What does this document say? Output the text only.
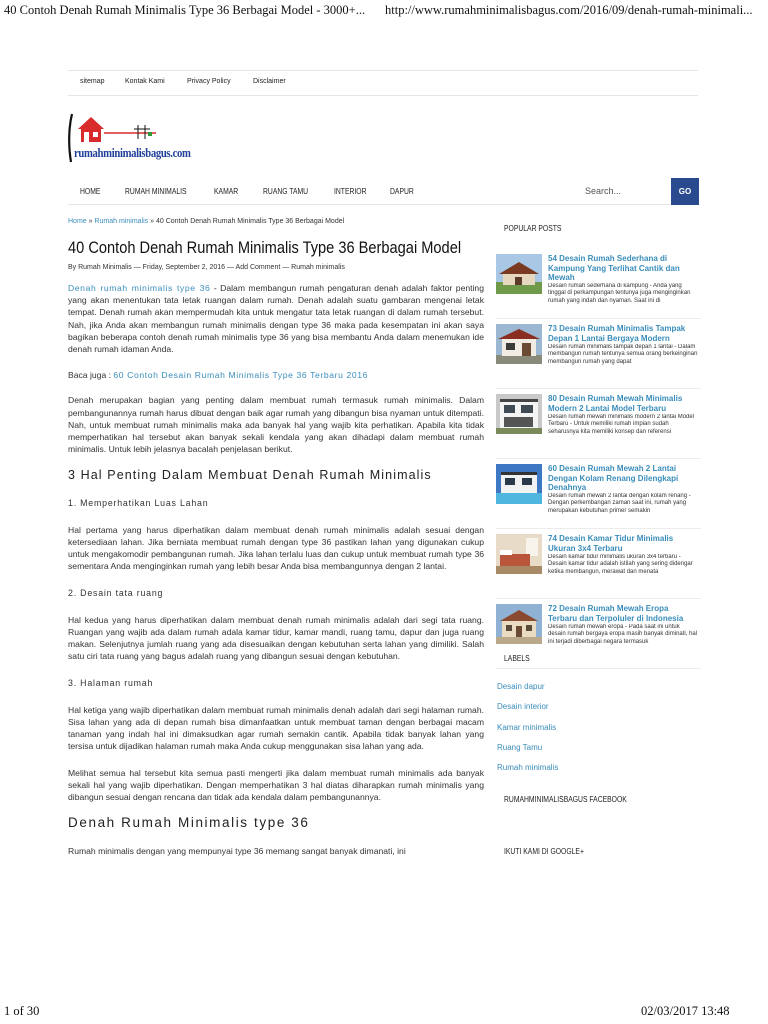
40 Contoh Denah Rumah Minimalis Type 36 Berbagai Model - 3000+... http://www.rumahminimalisbagus.com/2016/09/denah-rumah-minimali...
sitemap	Kontak Kami	Privacy Policy	Disclaimer
rumahminimalisbagus.com
HOME	RUMAH MINIMALIS	KAMAR	RUANG TAMU	INTERIOR	DAPUR
Search...	GO
Home » Rumah minimalis » 40 Contoh Denah Rumah Minimalis Type 36 Berbagai Model
40 Contoh Denah Rumah Minimalis Type 36 Berbagai Model
By Rumah Minimalis — Friday, September 2, 2016 — Add Comment — Rumah minimalis

Denah rumah minimalis type 36 - Dalam membangun rumah pengaturan denah adalah faktor penting yang akan menentukan tata letak ruangan dalam rumah. Denah adalah suatu gambaran mengenai letak tempat. Denah rumah akan mempermudah kita untuk mengatur tata letak ruangan di dalam rumah tersebut. Nah, jika Anda akan membangun rumah minimalis dengan type 36 maka pada kesempatan ini akan saya bagikan beberapa contoh denah rumah minimalis type 36 yang bisa membantu Anda dalam menemukan ide denah rumah idaman Anda.

Baca juga : 60 Contoh Desain Rumah Minimalis Type 36 Terbaru 2016

Denah merupakan bagian yang penting dalam membuat rumah termasuk rumah minimalis. Dalam pembangunannya rumah harus dibuat dengan baik agar rumah yang dibangun bisa nyaman untuk ditempati. Nah, untuk membuat rumah minimalis maka ada banyak hal yang wajib kita perhatikan. Apabila kita tidak memperhatikan hal tersebut akan banyak sekali kendala yang akan dihadapi dalam membuat rumah minimalis. Untuk lebih jelasnya bacalah penjelasan berikut.

3 Hal Penting Dalam Membuat Denah Rumah Minimalis
1. Memperhatikan Luas Lahan

Hal pertama yang harus diperhatikan dalam membuat denah rumah minimalis adalah sesuai dengan ketersediaan lahan. Jika berniata membuat rumah dengan type 36 pastikan lahan yang digunakan cukup untuk mengakomodir pembangunan rumah. Jika lahan terlalu luas dan cukup untuk membuat rumah type 36 sementara Anda menginginkan rumah yang lebih besar Anda bisa membangunnya dengan 2 lantai.

2. Desain tata ruang

Hal kedua yang harus diperhatikan dalam membuat denah rumah minimalis adalah dari segi tata ruang. Ruangan yang wajib ada dalam rumah adala kamar tidur, kamar mandi, ruang tamu, dapur dan juga ruang makan. Selenjutnya jumlah ruang yang ada disesuaikan dengan kebutuhan serta lahan yang dimiliki. Salah satu ciri tata ruang yang bagus adalah ruang yang dibangun sesuai dengan kebutuhan.

3. Halaman rumah

Hal ketiga yang wajib diperhatikan dalam membuat rumah minimalis denah adalah dari segi halaman rumah. Sisa lahan yang ada di depan rumah bisa dimanfaatkan untuk membuat taman dengan berbagai macam tanaman yang indah hal ini dimaksudkan agar rumah semakin cantik. Apabila tidak banyak lahan yang tersisa untuk dijadikan halaman rumah maka Anda cukup menggunakan sisa lahan yang ada.

Melihat semua hal tersebut kita semua pasti mengerti jika dalam membuat rumah minimalis ada banyak sekali hal yang wajib diperhatikan. Dengan memperhatikan 3 hal diatas diharapkan rumah minimalis yang dibangun sesuai dengan rencana dan tidak ada kendala dalam pembangunannya.

Denah Rumah Minimalis type 36

Rumah minimalis dengan yang mempunyai type 36 memang sangat banyak dimanati, ini

POPULAR POSTS
54 Desain Rumah Sederhana di Kampung Yang Terlihat Cantik dan Mewah
Desain rumah sederhana di kampung - Anda yang tinggal di perkampungan tentunya juga menginginkan rumah yang indah dan nyaman. Saat ini di
73 Desain Rumah Minimalis Tampak Depan 1 Lantai Bergaya Modern
Desain rumah minimalis tampak depan 1 lantai - Dalam membangun rumah tentunya semua orang berkeinginan membangun rumah yang dapat
80 Desain Rumah Mewah Minimalis Modern 2 Lantai Model Terbaru
Desain rumah mewah minimalis modern 2 lantai Model Terbaru - Untuk memiliki rumah impian sudah seharusnya kita memiliki konsep dan referensi
60 Desain Rumah Mewah 2 Lantai Dengan Kolam Renang Dilengkapi Denahnya
Desain rumah mewah 2 lantai dengan kolam renang - Dengan perkembangan zaman saat ini, rumah yang merupakan kebutuhan primer semakin
74 Desain Kamar Tidur Minimalis Ukuran 3x4 Terbaru
Desain kamar tidur minimalis ukuran 3x4 terbaru - Desain kamar tidur adalah istilah yang sering didengar ketika membangun, merawat dan menata
72 Desain Rumah Mewah Eropa Terbaru dan Terpoluler di Indonesia
Desain rumah mewah eropa - Pada saat ini untuk desain rumah bergaya eropa masih banyak diminati, hal ini terjadi diberbagai negara termasuk
LABELS
Desain dapur
Desain interior
Kamar minimalis
Ruang Tamu
Rumah minimalis
RUMAHMINIMALISBAGUS FACEBOOK
IKUTI KAMI DI GOOGLE+
1 of 30	02/03/2017 13:48
